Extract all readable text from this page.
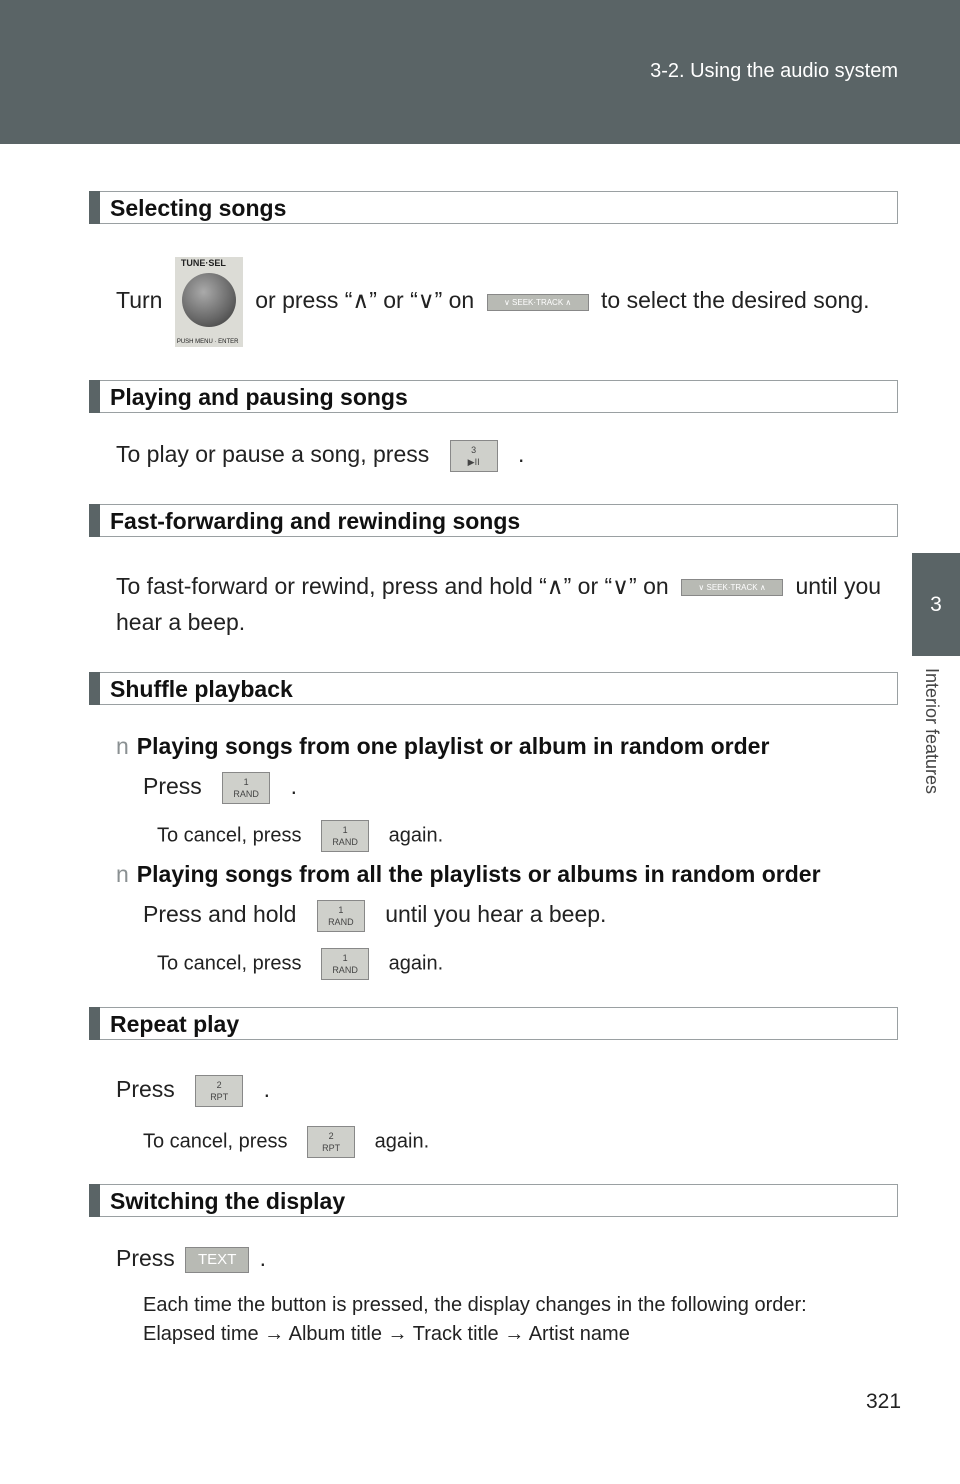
3-2. Using the audio system
3
Interior features
Selecting songs
Turn
TUNE·SEL
PUSH MENU · ENTER
or press “∧” or “∨” on	∨ SEEK·TRACK ∧ to select the desired song.
Playing and pausing songs
To play or pause a song, press	3
▶II .
Fast-forwarding and rewinding songs
To fast-forward or rewind, press and hold “∧” or “∨” on	∨ SEEK·TRACK ∧ until you
hear a beep.
Shuffle playback
n Playing songs from one playlist or album in random order
Press	1
RAND .
To cancel, press	1
RAND again.
n Playing songs from all the playlists or albums in random order
Press and hold	1
RAND until you hear a beep.
To cancel, press	1
RAND again.
Repeat play
Press	2
RPT .
To cancel, press	2
RPT again.
Switching the display
Press TEXT .
Each time the button is pressed, the display changes in the following order:
Elapsed time → Album title → Track title → Artist name
321
